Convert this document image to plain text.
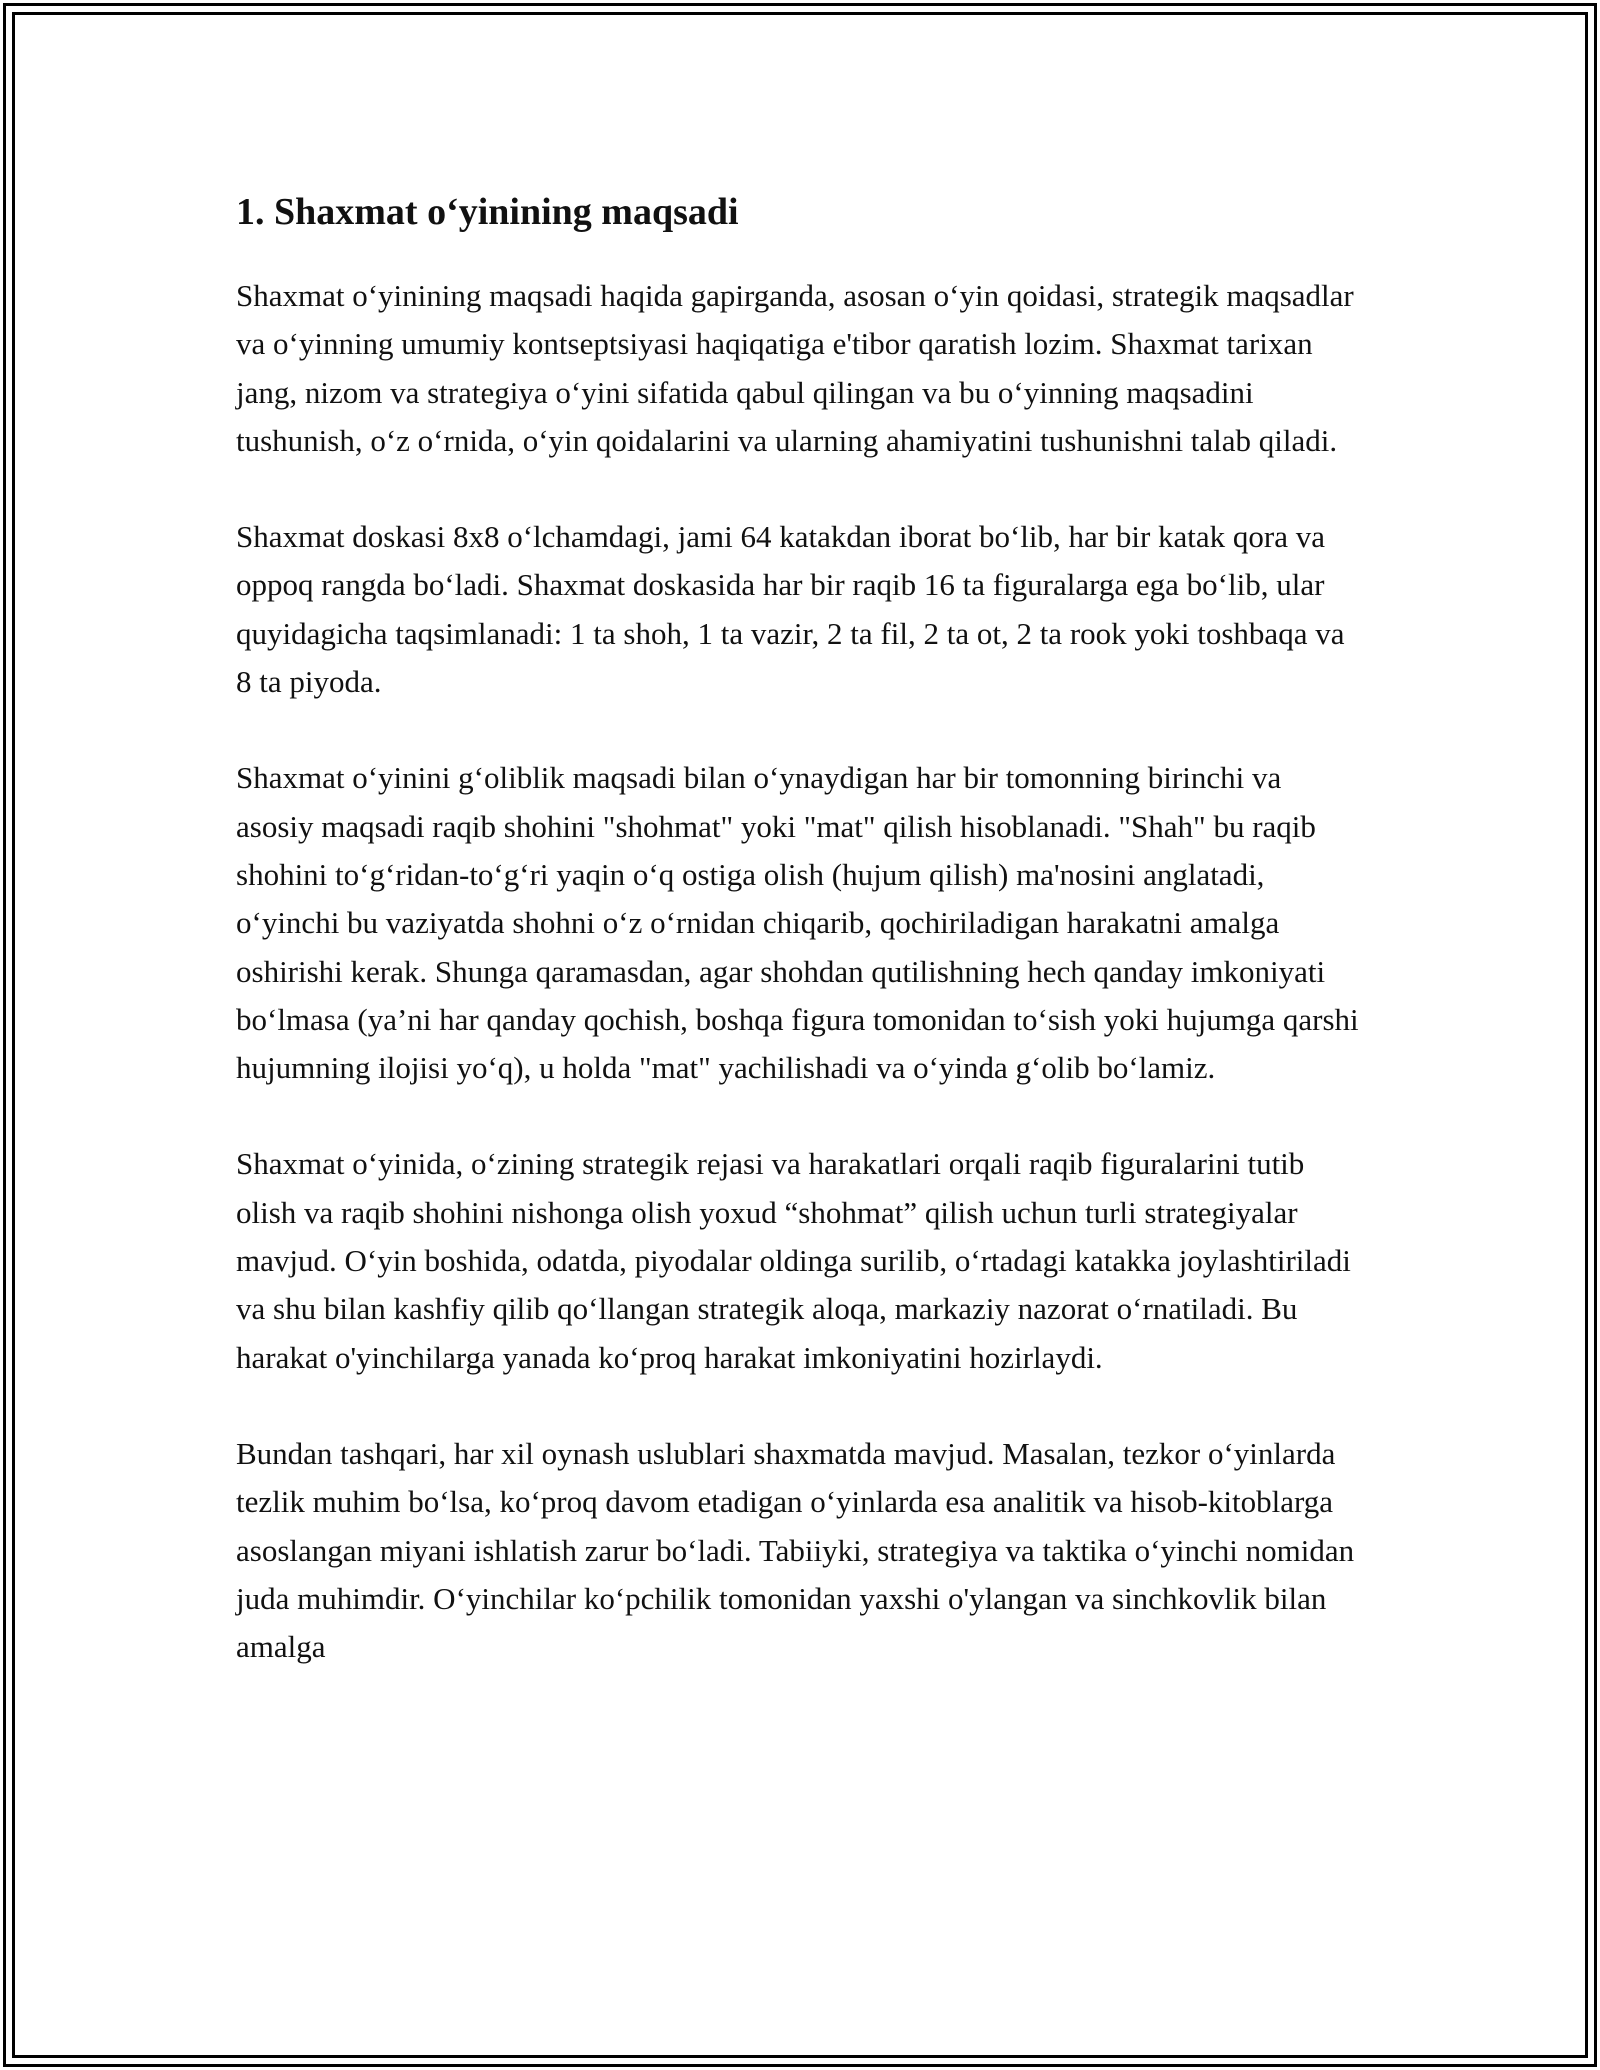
1. Shaxmat o‘yinining maqsadi

Shaxmat o‘yinining maqsadi haqida gapirganda, asosan o‘yin qoidasi, strategik maqsadlar va o‘yinning umumiy kontseptsiyasi haqiqatiga e'tibor qaratish lozim. Shaxmat tarixan jang, nizom va strategiya o‘yini sifatida qabul qilingan va bu o‘yinning maqsadini tushunish, o‘z o‘rnida, o‘yin qoidalarini va ularning ahamiyatini tushunishni talab qiladi.

Shaxmat doskasi 8x8 o‘lchamdagi, jami 64 katakdan iborat bo‘lib, har bir katak qora va oppoq rangda bo‘ladi. Shaxmat doskasida har bir raqib 16 ta figuralarga ega bo‘lib, ular quyidagicha taqsimlanadi: 1 ta shoh, 1 ta vazir, 2 ta fil, 2 ta ot, 2 ta rook yoki toshbaqa va 8 ta piyoda.

Shaxmat o‘yinini g‘oliblik maqsadi bilan o‘ynaydigan har bir tomonning birinchi va asosiy maqsadi raqib shohini "shohmat" yoki "mat" qilish hisoblanadi. "Shah" bu raqib shohini to‘g‘ridan-to‘g‘ri yaqin o‘q ostiga olish (hujum qilish) ma'nosini anglatadi, o‘yinchi bu vaziyatda shohni o‘z o‘rnidan chiqarib, qochiriladigan harakatni amalga oshirishi kerak. Shunga qaramasdan, agar shohdan qutilishning hech qanday imkoniyati bo‘lmasa (ya’ni har qanday qochish, boshqa figura tomonidan to‘sish yoki hujumga qarshi hujumning ilojisi yo‘q), u holda "mat" yachilishadi va o‘yinda g‘olib bo‘lamiz.

Shaxmat o‘yinida, o‘zining strategik rejasi va harakatlari orqali raqib figuralarini tutib olish va raqib shohini nishonga olish yoxud “shohmat” qilish uchun turli strategiyalar mavjud. O‘yin boshida, odatda, piyodalar oldinga surilib, o‘rtadagi katakka joylashtiriladi va shu bilan kashfiy qilib qo‘llangan strategik aloqa, markaziy nazorat o‘rnatiladi. Bu harakat o'yinchilarga yanada ko‘proq harakat imkoniyatini hozirlaydi.

Bundan tashqari, har xil oynash uslublari shaxmatda mavjud. Masalan, tezkor o‘yinlarda tezlik muhim bo‘lsa, ko‘proq davom etadigan o‘yinlarda esa analitik va hisob-kitoblarga asoslangan miyani ishlatish zarur bo‘ladi. Tabiiyki, strategiya va taktika o‘yinchi nomidan juda muhimdir. O‘yinchilar ko‘pchilik tomonidan yaxshi o'ylangan va sinchkovlik bilan amalga
